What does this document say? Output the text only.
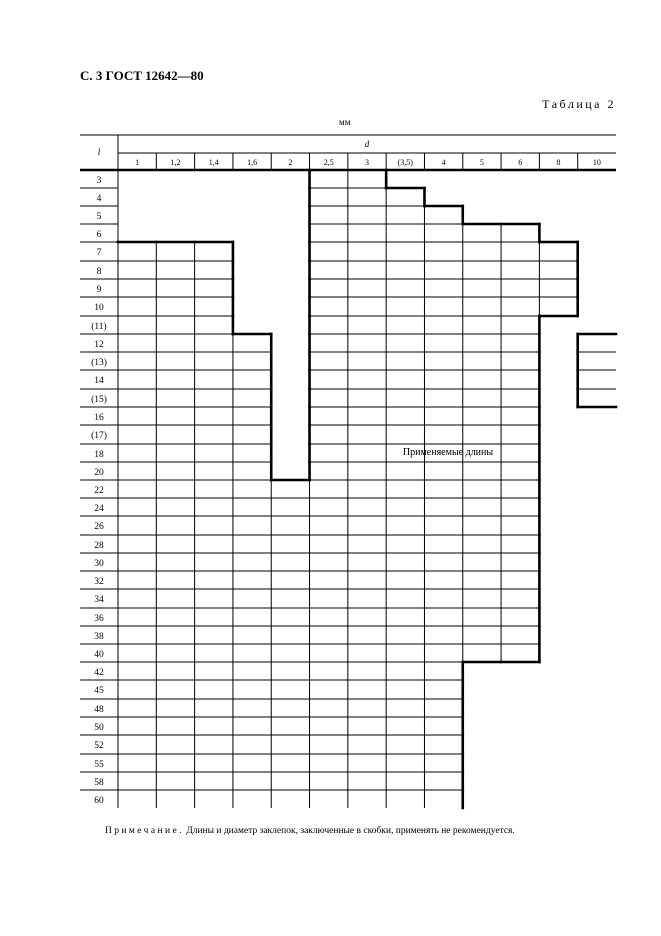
С. 3 ГОСТ 12642—80
Таблица 2
мм
l
d
1	1,2	1,4	1,6	2	2,5	3	(3,5)	4	5	6	8	10
3
4
5
6
7
8
9
10
(11)
12
(13)
14
(15)
16
(17)
18
20
22
24
26
28
30
32
34
36
38
40
42
45
48
50
52
55
58
60
Применяемые длины
Примечание. Длины и диаметр заклепок, заключенные в скобки, применять не рекомендуется.
